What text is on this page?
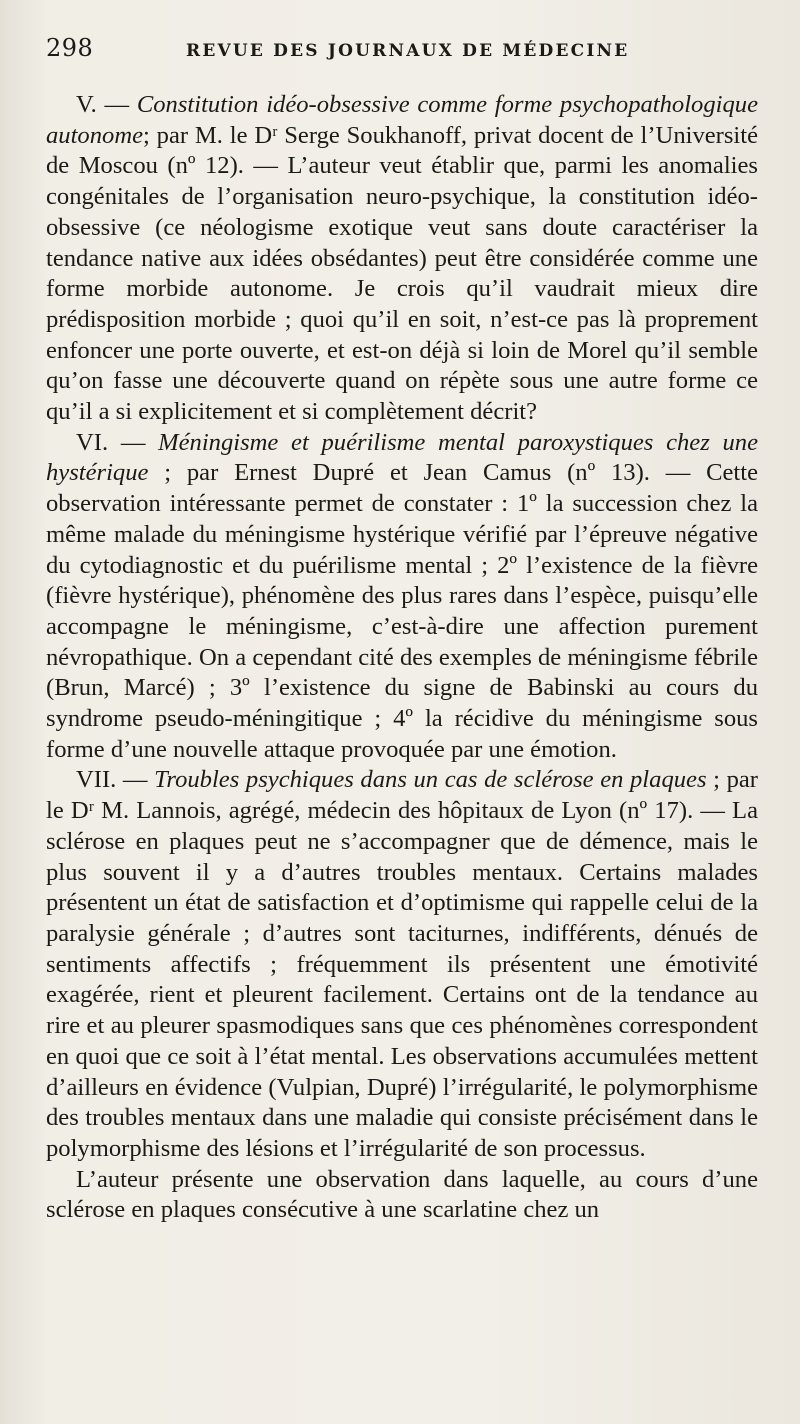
298	REVUE DES JOURNAUX DE MÉDECINE

V. — Constitution idéo-obsessive comme forme psychopathologique autonome; par M. le Dʳ Serge Soukhanoff, privat docent de l’Université de Moscou (nº 12). — L’auteur veut établir que, parmi les anomalies congénitales de l’organisation neuro-psychique, la constitution idéo-obsessive (ce néologisme exotique veut sans doute caractériser la tendance native aux idées obsédantes) peut être considérée comme une forme morbide autonome. Je crois qu’il vaudrait mieux dire prédisposition morbide ; quoi qu’il en soit, n’est-ce pas là proprement enfoncer une porte ouverte, et est-on déjà si loin de Morel qu’il semble qu’on fasse une découverte quand on répète sous une autre forme ce qu’il a si explicitement et si complètement décrit?

VI. — Méningisme et puérilisme mental paroxystiques chez une hystérique ; par Ernest Dupré et Jean Camus (nº 13). — Cette observation intéressante permet de constater : 1º la succession chez la même malade du méningisme hystérique vérifié par l’épreuve négative du cytodiagnostic et du puérilisme mental ; 2º l’existence de la fièvre (fièvre hystérique), phénomène des plus rares dans l’espèce, puisqu’elle accompagne le méningisme, c’est-à-dire une affection purement névropathique. On a cependant cité des exemples de méningisme fébrile (Brun, Marcé) ; 3º l’existence du signe de Babinski au cours du syndrome pseudo-méningitique ; 4º la récidive du méningisme sous forme d’une nouvelle attaque provoquée par une émotion.

VII. — Troubles psychiques dans un cas de sclérose en plaques ; par le Dʳ M. Lannois, agrégé, médecin des hôpitaux de Lyon (nº 17). — La sclérose en plaques peut ne s’accompagner que de démence, mais le plus souvent il y a d’autres troubles mentaux. Certains malades présentent un état de satisfaction et d’optimisme qui rappelle celui de la paralysie générale ; d’autres sont taciturnes, indifférents, dénués de sentiments affectifs ; fréquemment ils présentent une émotivité exagérée, rient et pleurent facilement. Certains ont de la tendance au rire et au pleurer spasmodiques sans que ces phénomènes correspondent en quoi que ce soit à l’état mental. Les observations accumulées mettent d’ailleurs en évidence (Vulpian, Dupré) l’irrégularité, le polymorphisme des troubles mentaux dans une maladie qui consiste précisément dans le polymorphisme des lésions et l’irrégularité de son processus.

L’auteur présente une observation dans laquelle, au cours d’une sclérose en plaques consécutive à une scarlatine chez un
